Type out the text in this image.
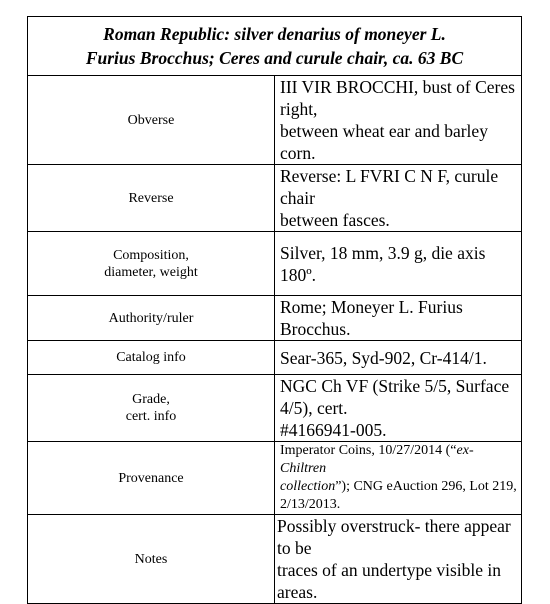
Roman Republic: silver denarius of moneyer L.
Furius Brocchus; Ceres and curule chair, ca. 63 BC	
Obverse	III VIR BROCCHI, bust of Ceres right,
between wheat ear and barley corn.
Reverse	Reverse: L FVRI C N F, curule chair
between fasces.
Composition,
diameter, weight	Silver, 18 mm, 3.9 g, die axis 180º.
Authority/ruler	Rome; Moneyer L. Furius Brocchus.
Catalog info	Sear-365, Syd-902, Cr-414/1.
Grade,
cert. info	NGC Ch VF (Strike 5/5, Surface 4/5), cert.
#4166941-005.
Provenance	Imperator Coins, 10/27/2014 (“ex-Chiltren
collection”); CNG eAuction 296, Lot 219, 2/13/2013.
Notes	Possibly overstruck- there appear to be
traces of an undertype visible in areas.
